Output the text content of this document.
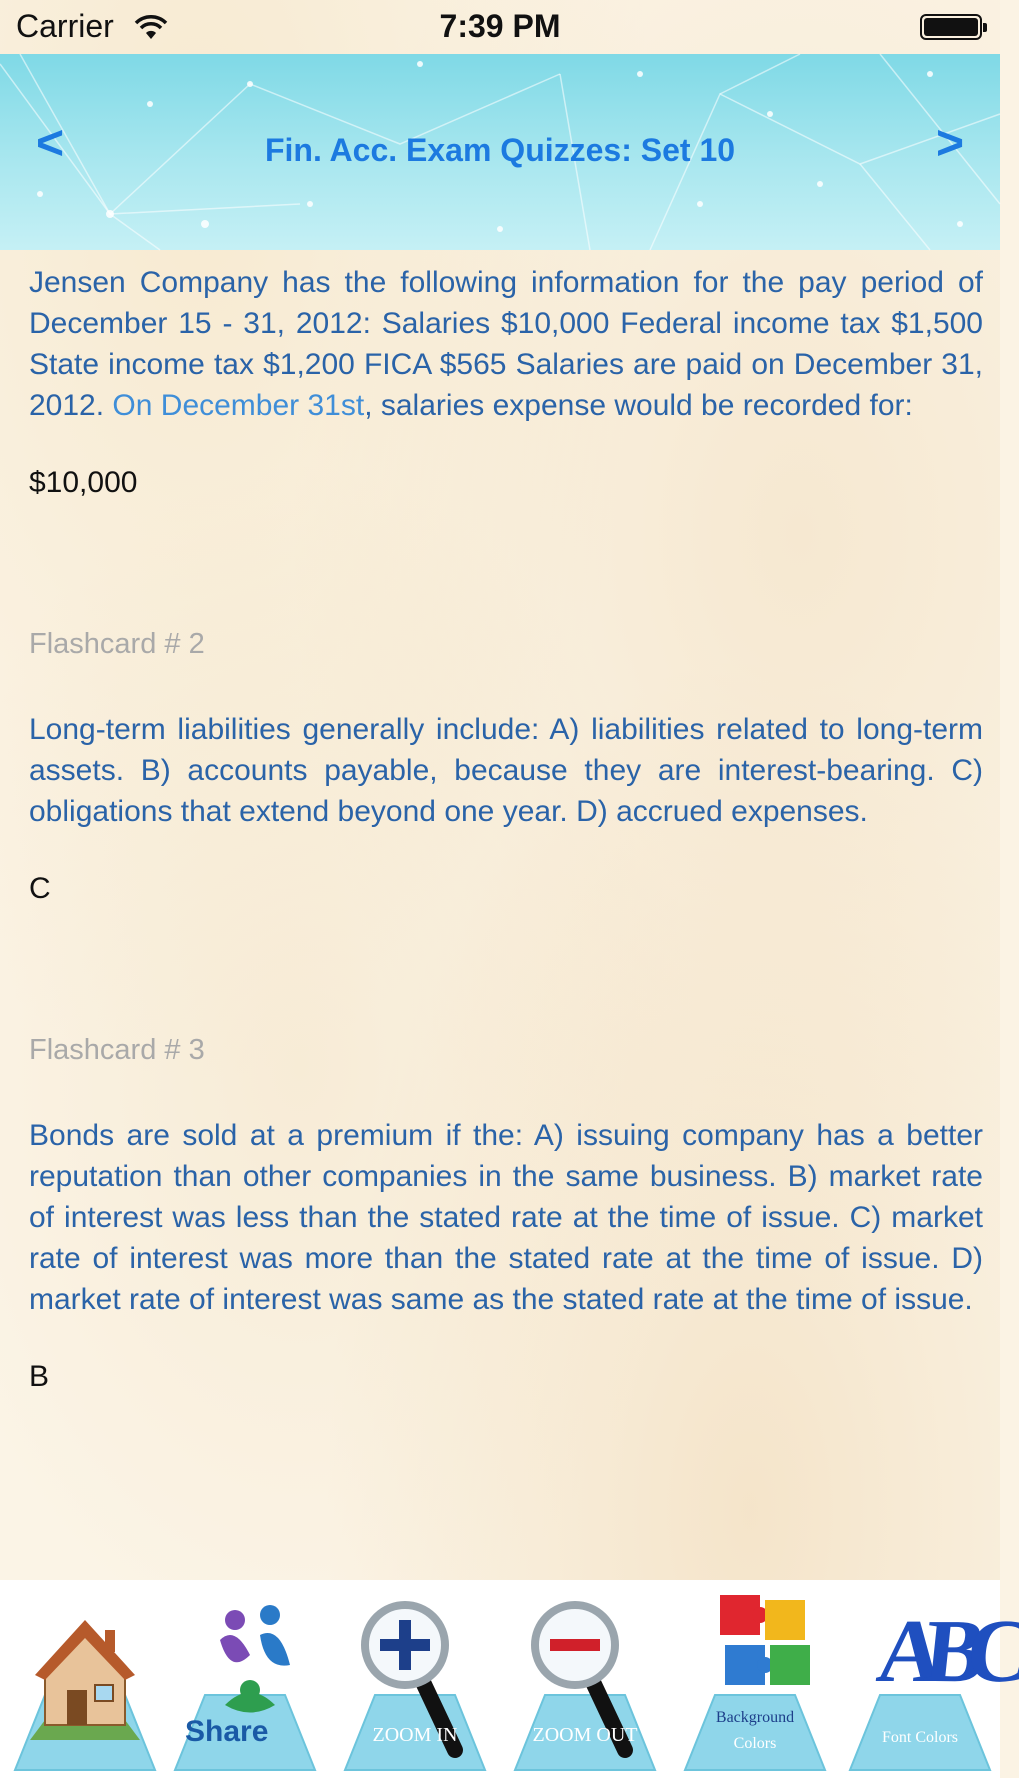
Carrier	7:39 PM
<	Fin. Acc. Exam Quizzes: Set 10	>

Jensen Company has the following information for the pay period of December 15 - 31, 2012: Salaries $10,000 Federal income tax $1,500 State income tax $1,200 FICA $565 Salaries are paid on December 31, 2012. On December 31st, salaries expense would be recorded for:

$10,000

Flashcard # 2

Long-term liabilities generally include: A) liabilities related to long-term assets. B) accounts payable, because they are interest-bearing. C) obligations that extend beyond one year. D) accrued expenses.

C

Flashcard # 3

Bonds are sold at a premium if the: A) issuing company has a better reputation than other companies in the same business. B) market rate of interest was less than the stated rate at the time of issue. C) market rate of interest was more than the stated rate at the time of issue. D) market rate of interest was same as the stated rate at the time of issue.

B

Share	ZOOM IN	ZOOM OUT
Background
Colors
ABC
Font Colors
